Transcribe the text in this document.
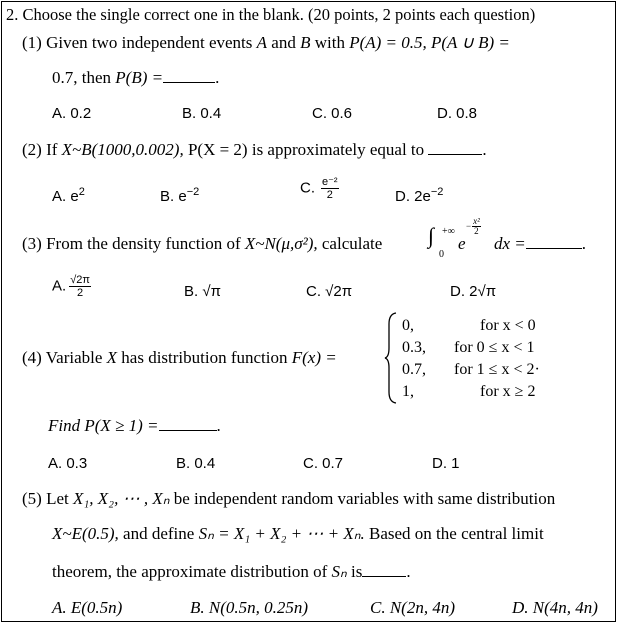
2. Choose the single correct one in the blank. (20 points, 2 points each question)
(1) Given two independent events A and B with P(A) = 0.5, P(A ∪ B) =
0.7, then P(B) =	.
A. 0.2	B. 0.4	C. 0.6	D. 0.8
(2) If X~B(1000,0.002), P(X = 2) is approximately equal to	.
A. $e^2$	B. $e^{-2}$	C. $\frac{\text{e⁻²}}{2}$	D. $2e^{-2}$
(3) From the density function of X~N(μ,σ²), calculate ∫ +∞
0
e
− $\frac{\text{x²}}{2}$
dx =	.
A. $\frac{√2\pi}{2}$	B. √π	C. √2π	D. 2√π
(4) Variable X has distribution function F(x) =
0,	for x < 0
0.3, for 0 ≤ x < 1
0.7, for 1 ≤ x < 2·
1,	for x ≥ 2
Find P(X ≥ 1) =	.
A. 0.3	B. 0.4	C. 0.7	D. 1
(5) Let X₁, X₂, ⋯ , Xₙ be independent random variables with same distribution
X~E(0.5), and define Sₙ = X₁ + X₂ + ⋯ + Xₙ. Based on the central limit
theorem, the approximate distribution of Sₙ is	.
A. E(0.5n)	B. N(0.5n, 0.25n)	C. N(2n, 4n)	D. N(4n, 4n)
